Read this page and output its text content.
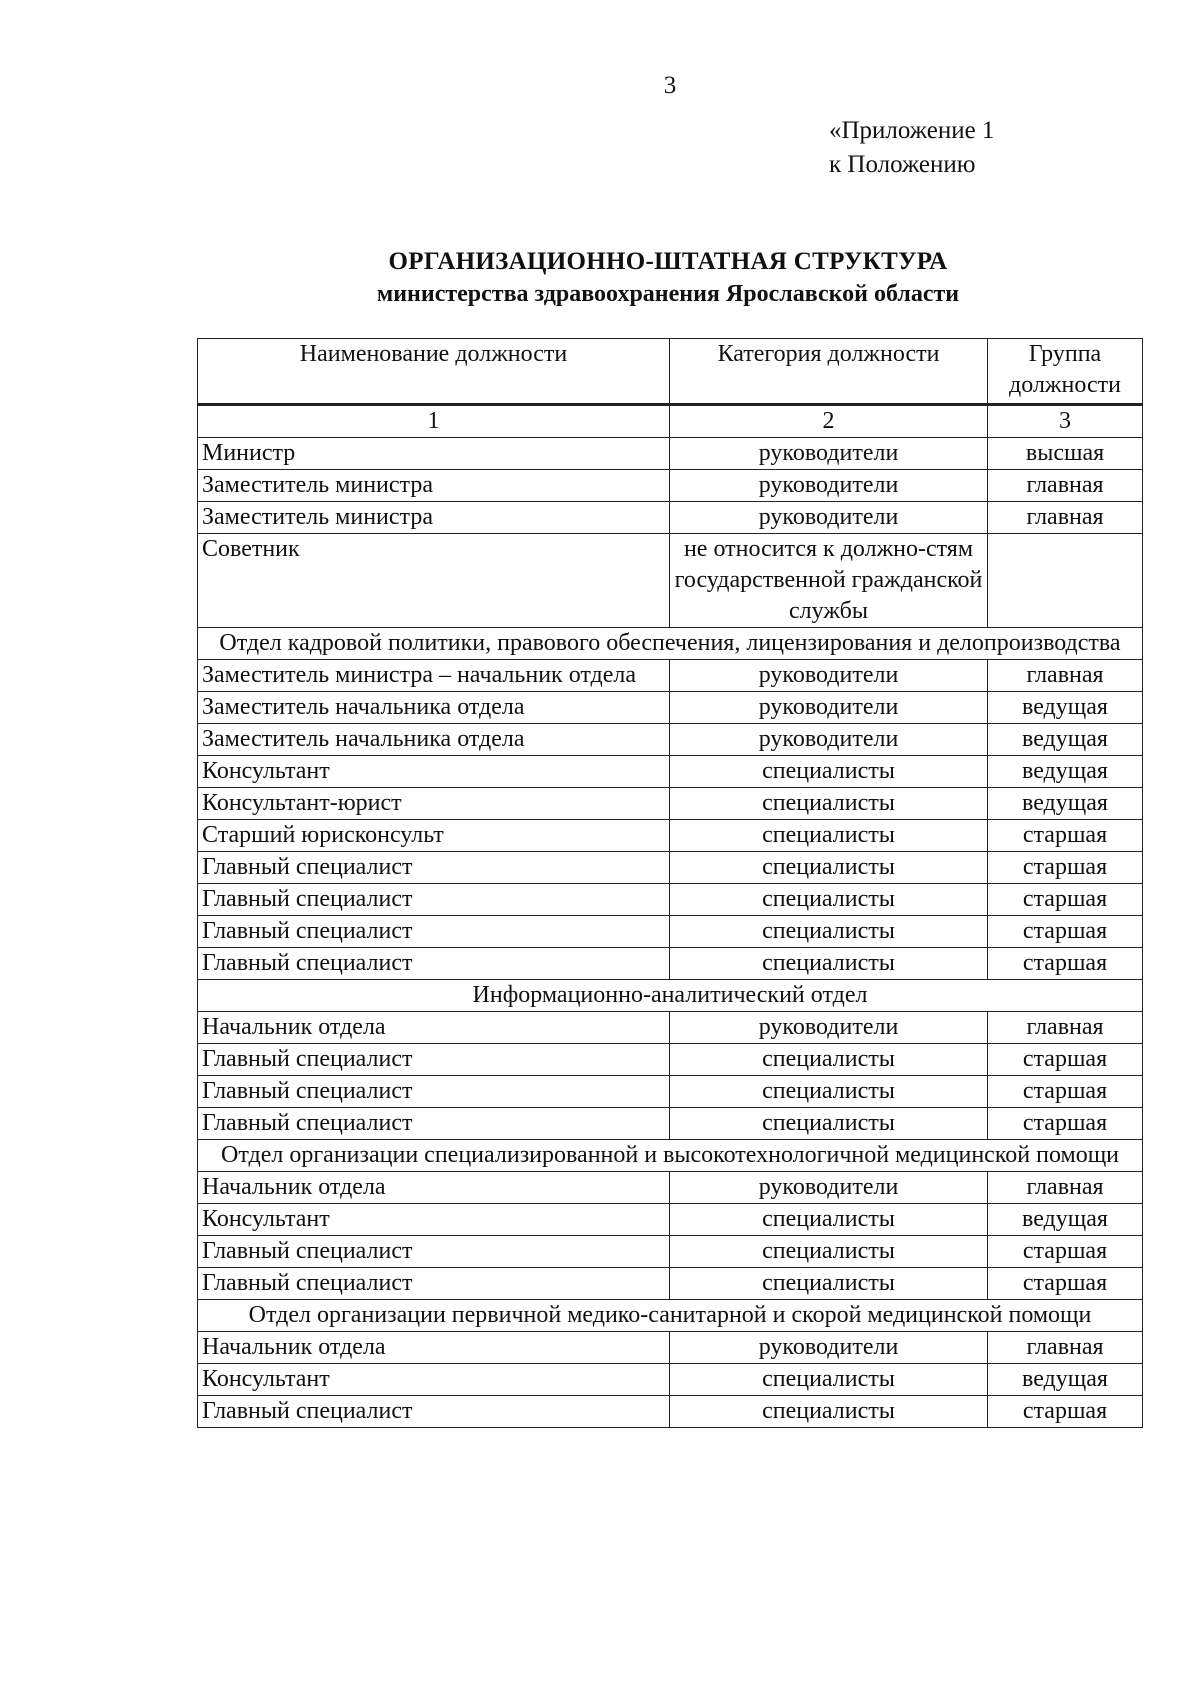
3
«Приложение 1
к Положению
ОРГАНИЗАЦИОННО-ШТАТНАЯ СТРУКТУРА
министерства здравоохранения Ярославской области
Наименование должности	Категория должности	Группа должности
1	2	3
Министр	руководители	высшая
Заместитель министра	руководители	главная
Заместитель министра	руководители	главная
Советник	не относится к должно-стям государственной гражданской службы	
Отдел кадровой политики, правового обеспечения, лицензирования и делопроизводства		
Заместитель министра – начальник отдела	руководители	главная
Заместитель начальника отдела	руководители	ведущая
Заместитель начальника отдела	руководители	ведущая
Консультант	специалисты	ведущая
Консультант-юрист	специалисты	ведущая
Старший юрисконсульт	специалисты	старшая
Главный специалист	специалисты	старшая
Главный специалист	специалисты	старшая
Главный специалист	специалисты	старшая
Главный специалист	специалисты	старшая
Информационно-аналитический отдел		
Начальник отдела	руководители	главная
Главный специалист	специалисты	старшая
Главный специалист	специалисты	старшая
Главный специалист	специалисты	старшая
Отдел организации специализированной и высокотехнологичной медицинской помощи		
Начальник отдела	руководители	главная
Консультант	специалисты	ведущая
Главный специалист	специалисты	старшая
Главный специалист	специалисты	старшая
Отдел организации первичной медико-санитарной и скорой медицинской помощи		
Начальник отдела	руководители	главная
Консультант	специалисты	ведущая
Главный специалист	специалисты	старшая
